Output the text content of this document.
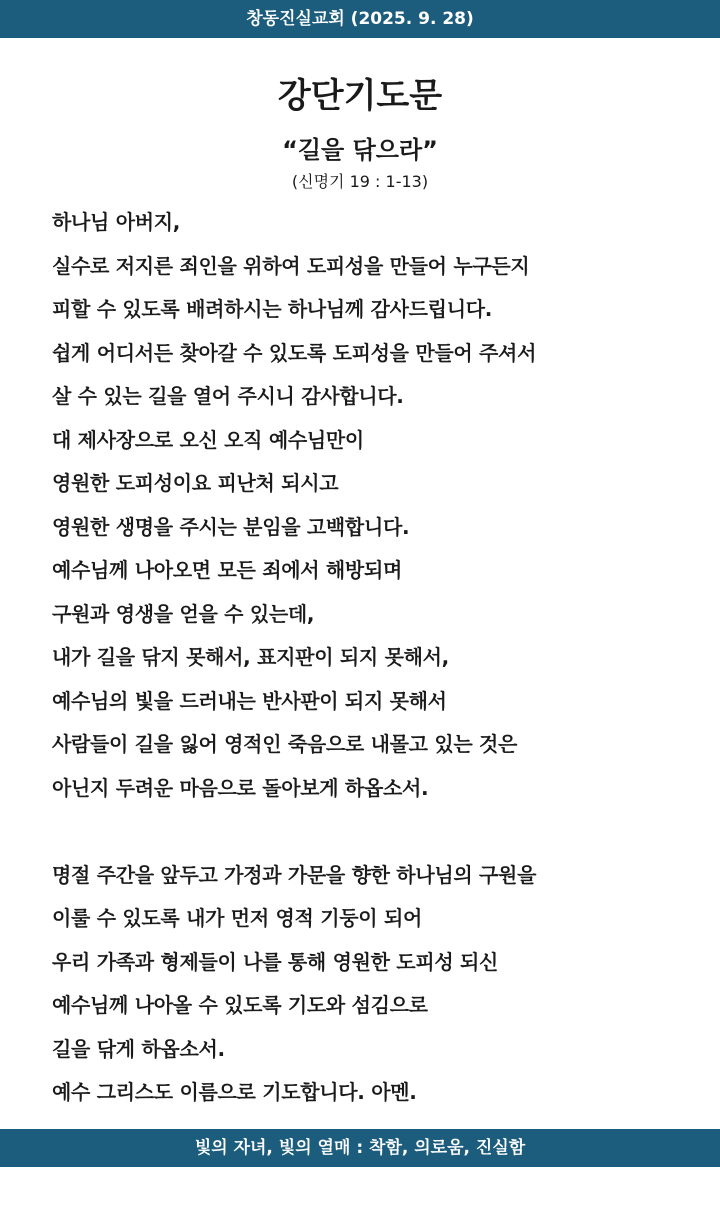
창동진실교회 (2025. 9. 28)
강단기도문
“길을 닦으라”
(신명기 19 : 1-13)
하나님 아버지,
실수로 저지른 죄인을 위하여 도피성을 만들어 누구든지
피할 수 있도록 배려하시는 하나님께 감사드립니다.
쉽게 어디서든 찾아갈 수 있도록 도피성을 만들어 주셔서
살 수 있는 길을 열어 주시니 감사합니다.
대 제사장으로 오신 오직 예수님만이
영원한 도피성이요 피난처 되시고
영원한 생명을 주시는 분임을 고백합니다.
예수님께 나아오면 모든 죄에서 해방되며
구원과 영생을 얻을 수 있는데,
내가 길을 닦지 못해서, 표지판이 되지 못해서,
예수님의 빛을 드러내는 반사판이 되지 못해서
사람들이 길을 잃어 영적인 죽음으로 내몰고 있는 것은
아닌지 두려운 마음으로 돌아보게 하옵소서.
명절 주간을 앞두고 가정과 가문을 향한 하나님의 구원을
이룰 수 있도록 내가 먼저 영적 기둥이 되어
우리 가족과 형제들이 나를 통해 영원한 도피성 되신
예수님께 나아올 수 있도록 기도와 섬김으로
길을 닦게 하옵소서.
예수 그리스도 이름으로 기도합니다. 아멘.
빛의 자녀, 빛의 열매 : 착함, 의로움, 진실함
